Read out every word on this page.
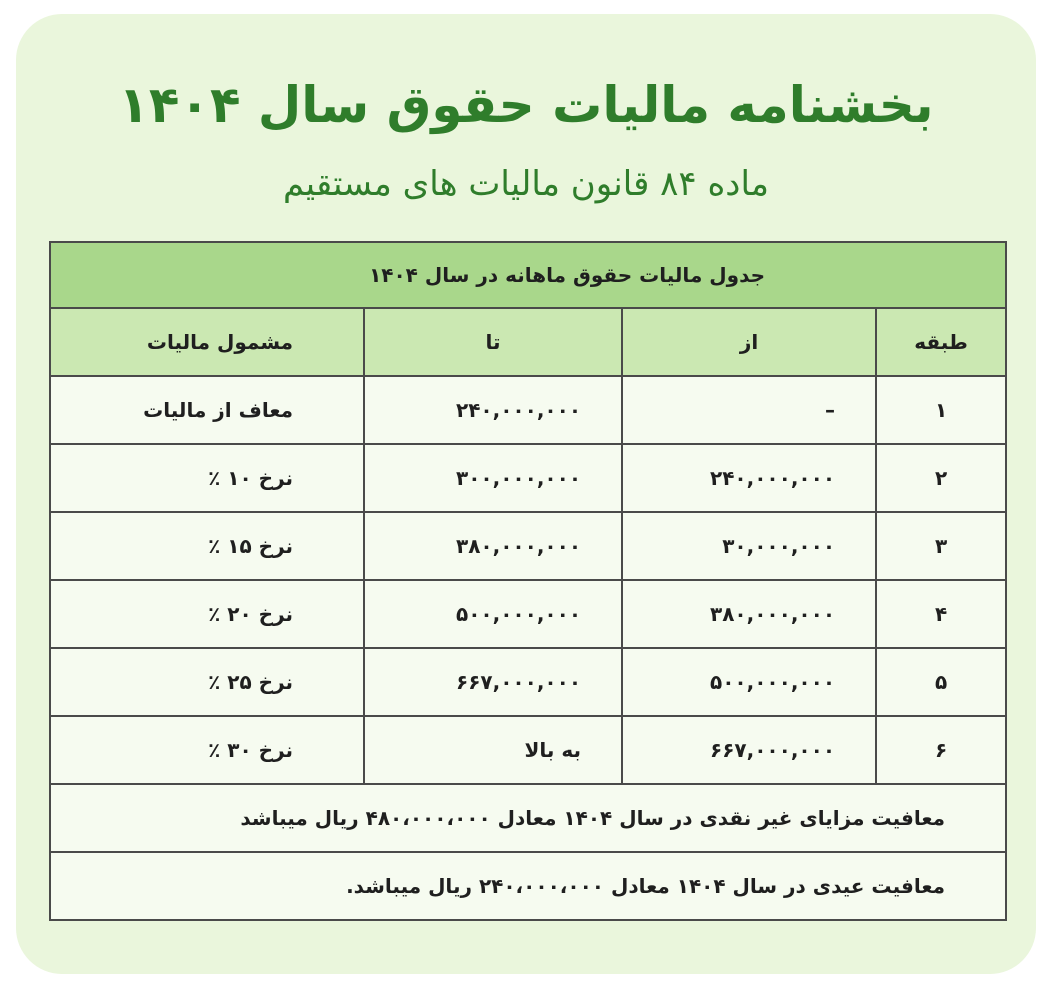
بخشنامه مالیات حقوق سال ۱۴۰۴
ماده ۸۴ قانون مالیات های مستقیم
جدول مالیات حقوق ماهانه در سال ۱۴۰۴			
طبقه	از	تا	مشمول مالیات
۱	–	۲۴۰,۰۰۰,۰۰۰	معاف از مالیات
۲	۲۴۰,۰۰۰,۰۰۰	۳۰۰,۰۰۰,۰۰۰	نرخ ۱۰ ٪
۳	۳۰,۰۰۰,۰۰۰	۳۸۰,۰۰۰,۰۰۰	نرخ ۱۵ ٪
۴	۳۸۰,۰۰۰,۰۰۰	۵۰۰,۰۰۰,۰۰۰	نرخ ۲۰ ٪
۵	۵۰۰,۰۰۰,۰۰۰	۶۶۷,۰۰۰,۰۰۰	نرخ ۲۵ ٪
۶	۶۶۷,۰۰۰,۰۰۰	به بالا	نرخ ۳۰ ٪
معافیت مزایای غیر نقدی در سال ۱۴۰۴ معادل ۴۸۰،۰۰۰،۰۰۰ ریال میباشد			
معافیت عیدی در سال ۱۴۰۴ معادل ۲۴۰،۰۰۰،۰۰۰ ریال میباشد.			
